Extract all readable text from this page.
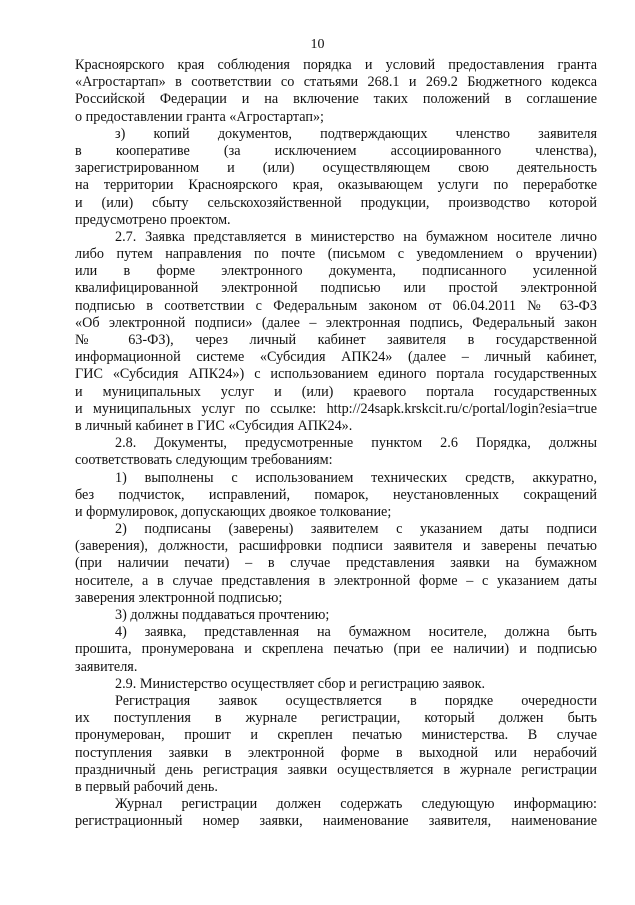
10
Красноярского края соблюдения порядка и условий предоставления гранта
«Агростартап» в соответствии со статьями 268.1 и 269.2 Бюджетного кодекса
Российской Федерации и на включение таких положений в соглашение
о предоставлении гранта «Агростартап»;
з) копий документов, подтверждающих членство заявителя
в кооперативе (за исключением ассоциированного членства),
зарегистрированном и (или) осуществляющем свою деятельность
на территории Красноярского края, оказывающем услуги по переработке
и (или) сбыту сельскохозяйственной продукции, производство которой
предусмотрено проектом.
2.7. Заявка представляется в министерство на бумажном носителе лично
либо путем направления по почте (письмом с уведомлением о вручении)
или в форме электронного документа, подписанного усиленной
квалифицированной электронной подписью или простой электронной
подписью в соответствии с Федеральным законом от 06.04.2011 № 63-ФЗ
«Об электронной подписи» (далее – электронная подпись, Федеральный закон
№ 63-ФЗ), через личный кабинет заявителя в государственной
информационной системе «Субсидия АПК24» (далее – личный кабинет,
ГИС «Субсидия АПК24») с использованием единого портала государственных
и муниципальных услуг и (или) краевого портала государственных
и муниципальных услуг по ссылке: http://24sapk.krskcit.ru/c/portal/login?esia=true
в личный кабинет в ГИС «Субсидия АПК24».
2.8. Документы, предусмотренные пунктом 2.6 Порядка, должны
соответствовать следующим требованиям:
1) выполнены с использованием технических средств, аккуратно,
без подчисток, исправлений, помарок, неустановленных сокращений
и формулировок, допускающих двоякое толкование;
2) подписаны (заверены) заявителем с указанием даты подписи
(заверения), должности, расшифровки подписи заявителя и заверены печатью
(при наличии печати) – в случае представления заявки на бумажном
носителе, а в случае представления в электронной форме – с указанием даты
заверения электронной подписью;
3) должны поддаваться прочтению;
4) заявка, представленная на бумажном носителе, должна быть
прошита, пронумерована и скреплена печатью (при ее наличии) и подписью
заявителя.
2.9. Министерство осуществляет сбор и регистрацию заявок.
Регистрация заявок осуществляется в порядке очередности
их поступления в журнале регистрации, который должен быть
пронумерован, прошит и скреплен печатью министерства. В случае
поступления заявки в электронной форме в выходной или нерабочий
праздничный день регистрация заявки осуществляется в журнале регистрации
в первый рабочий день.
Журнал регистрации должен содержать следующую информацию:
регистрационный номер заявки, наименование заявителя, наименование
